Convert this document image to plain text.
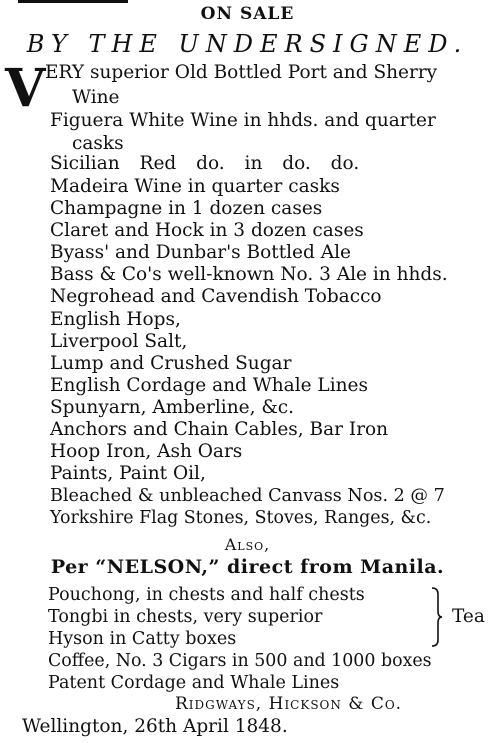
ON SALE
BY THE UNDERSIGNED.
V ERY superior Old Bottled Port and Sherry
Wine
Figuera White Wine in hhds. and quarter
casks
Sicilian Red do. in do. do.
Madeira Wine in quarter casks
Champagne in 1 dozen cases
Claret and Hock in 3 dozen cases
Byass' and Dunbar's Bottled Ale
Bass & Co's well-known No. 3 Ale in hhds.
Negrohead and Cavendish Tobacco
English Hops,
Liverpool Salt,
Lump and Crushed Sugar
English Cordage and Whale Lines
Spunyarn, Amberline, &c.
Anchors and Chain Cables, Bar Iron
Hoop Iron, Ash Oars
Paints, Paint Oil,
Bleached & unbleached Canvass Nos. 2 @ 7
Yorkshire Flag Stones, Stoves, Ranges, &c.
Also,
Per “NELSON,” direct from Manila.
Pouchong, in chests and half chests
Tongbi in chests, very superior
Hyson in Catty boxes
Tea
Coffee, No. 3 Cigars in 500 and 1000 boxes
Patent Cordage and Whale Lines
Ridgways, Hickson & Co.
Wellington, 26th April 1848.
